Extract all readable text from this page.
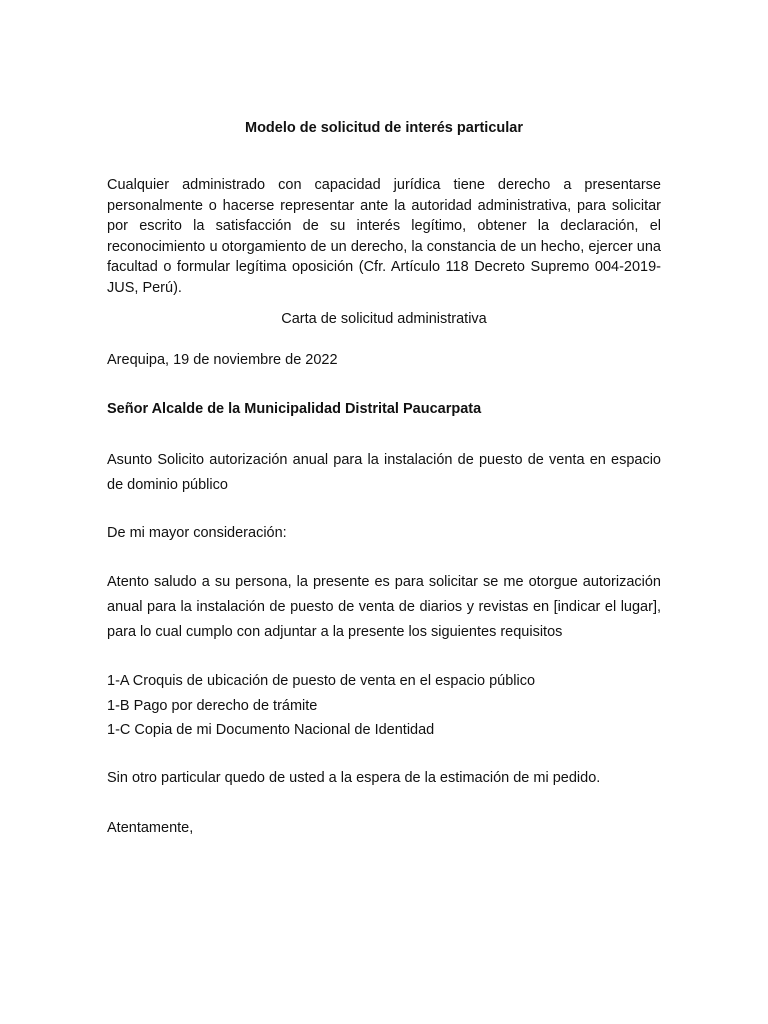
Modelo de solicitud de interés particular

Cualquier administrado con capacidad jurídica tiene derecho a presentarse personalmente o hacerse representar ante la autoridad administrativa, para solicitar por escrito la satisfacción de su interés legítimo, obtener la declaración, el reconocimiento u otorgamiento de un derecho, la constancia de un hecho, ejercer una facultad o formular legítima oposición (Cfr. Artículo 118 Decreto Supremo 004-2019-JUS, Perú).

Carta de solicitud administrativa
Arequipa, 19 de noviembre de 2022
Señor Alcalde de la Municipalidad Distrital Paucarpata

Asunto Solicito autorización anual para la instalación de puesto de venta en espacio de dominio público

De mi mayor consideración:

Atento saludo a su persona, la presente es para solicitar se me otorgue autorización anual para la instalación de puesto de venta de diarios y revistas en [indicar el lugar], para lo cual cumplo con adjuntar a la presente los siguientes requisitos

1-A Croquis de ubicación de puesto de venta en el espacio público
1-B Pago por derecho de trámite
1-C Copia de mi Documento Nacional de Identidad
Sin otro particular quedo de usted a la espera de la estimación de mi pedido.
Atentamente,
